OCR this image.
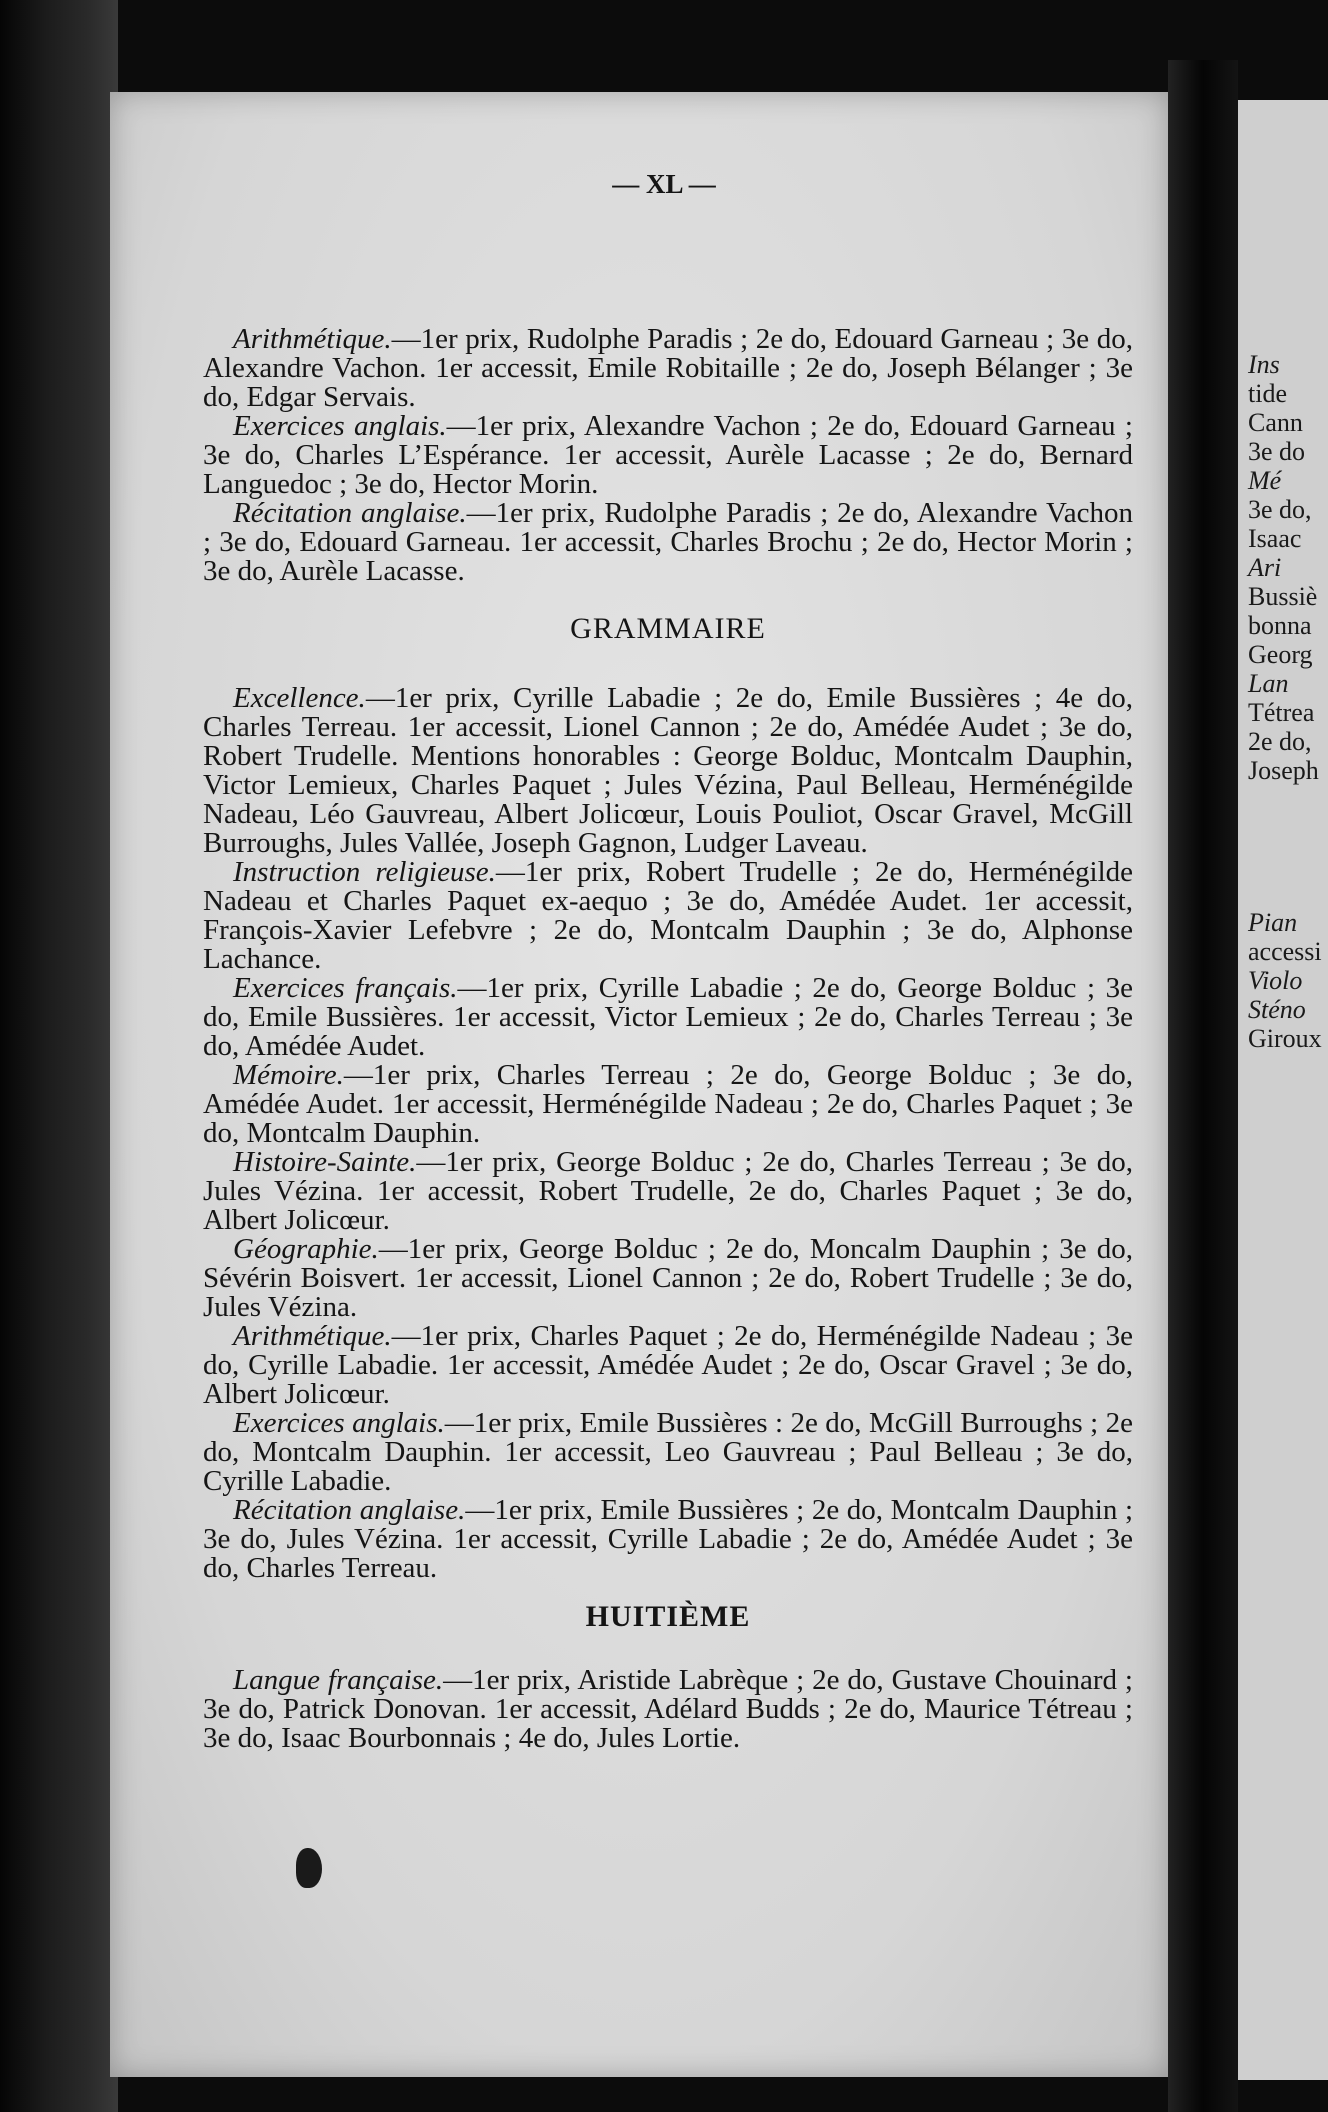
— XL —

Arithmétique.—1er prix, Rudolphe Paradis ; 2e do, Edouard Garneau ; 3e do, Alexandre Vachon. 1er accessit, Emile Robitaille ; 2e do, Joseph Bélanger ; 3e do, Edgar Servais.

Exercices anglais.—1er prix, Alexandre Vachon ; 2e do, Edouard Garneau ; 3e do, Charles L’Espérance. 1er accessit, Aurèle Lacasse ; 2e do, Bernard Languedoc ; 3e do, Hector Morin.

Récitation anglaise.—1er prix, Rudolphe Paradis ; 2e do, Alexandre Vachon ; 3e do, Edouard Garneau. 1er accessit, Charles Brochu ; 2e do, Hector Morin ; 3e do, Aurèle Lacasse.

GRAMMAIRE

Excellence.—1er prix, Cyrille Labadie ; 2e do, Emile Bussières ; 4e do, Charles Terreau. 1er accessit, Lionel Cannon ; 2e do, Amédée Audet ; 3e do, Robert Trudelle. Mentions honorables : George Bolduc, Montcalm Dauphin, Victor Lemieux, Charles Paquet ; Jules Vézina, Paul Belleau, Herménégilde Nadeau, Léo Gauvreau, Albert Jolicœur, Louis Pouliot, Oscar Gravel, McGill Burroughs, Jules Vallée, Joseph Gagnon, Ludger Laveau.

Instruction religieuse.—1er prix, Robert Trudelle ; 2e do, Herménégilde Nadeau et Charles Paquet ex-aequo ; 3e do, Amédée Audet. 1er accessit, François-Xavier Lefebvre ; 2e do, Montcalm Dauphin ; 3e do, Alphonse Lachance.

Exercices français.—1er prix, Cyrille Labadie ; 2e do, George Bolduc ; 3e do, Emile Bussières. 1er accessit, Victor Lemieux ; 2e do, Charles Terreau ; 3e do, Amédée Audet.

Mémoire.—1er prix, Charles Terreau ; 2e do, George Bolduc ; 3e do, Amédée Audet. 1er accessit, Herménégilde Nadeau ; 2e do, Charles Paquet ; 3e do, Montcalm Dauphin.

Histoire-Sainte.—1er prix, George Bolduc ; 2e do, Charles Terreau ; 3e do, Jules Vézina. 1er accessit, Robert Trudelle, 2e do, Charles Paquet ; 3e do, Albert Jolicœur.

Géographie.—1er prix, George Bolduc ; 2e do, Moncalm Dauphin ; 3e do, Sévérin Boisvert. 1er accessit, Lionel Cannon ; 2e do, Robert Trudelle ; 3e do, Jules Vézina.

Arithmétique.—1er prix, Charles Paquet ; 2e do, Herménégilde Nadeau ; 3e do, Cyrille Labadie. 1er accessit, Amédée Audet ; 2e do, Oscar Gravel ; 3e do, Albert Jolicœur.

Exercices anglais.—1er prix, Emile Bussières : 2e do, McGill Burroughs ; 2e do, Montcalm Dauphin. 1er accessit, Leo Gauvreau ; Paul Belleau ; 3e do, Cyrille Labadie.

Récitation anglaise.—1er prix, Emile Bussières ; 2e do, Montcalm Dauphin ; 3e do, Jules Vézina. 1er accessit, Cyrille Labadie ; 2e do, Amédée Audet ; 3e do, Charles Terreau.

HUITIÈME

Langue française.—1er prix, Aristide Labrèque ; 2e do, Gustave Chouinard ; 3e do, Patrick Donovan. 1er accessit, Adélard Budds ; 2e do, Maurice Tétreau ; 3e do, Isaac Bourbonnais ; 4e do, Jules Lortie.

Ins
tide
Cann
3e do
Mé
3e do,
Isaac
Ari
Bussiè
bonna
Georg
Lan
Tétrea
2e do,
Joseph
Pian
accessi
Violo
Sténo
Giroux
